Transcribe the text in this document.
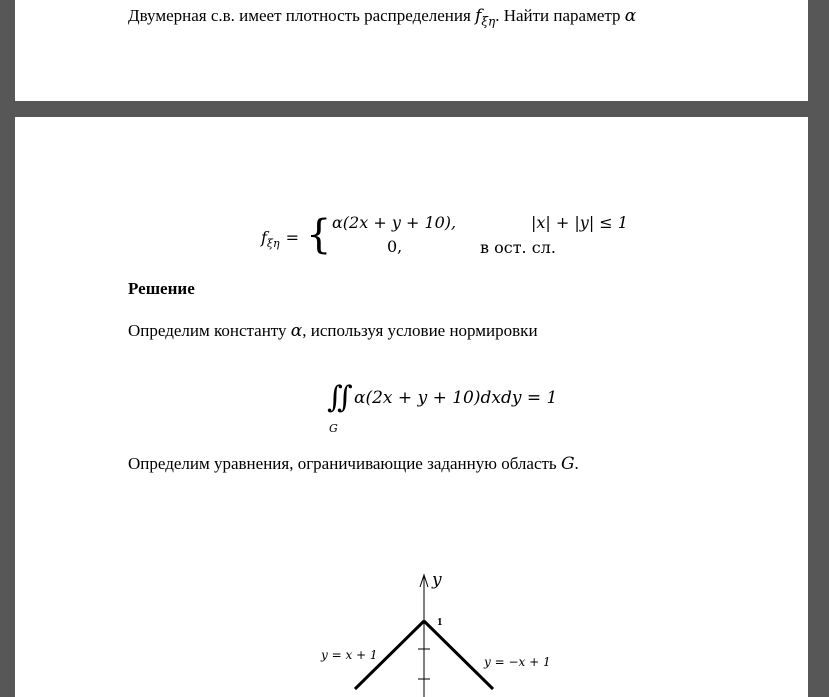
Двумерная с.в. имеет плотность распределения $f_{\xi\eta}$. Найти параметр α
$f_{\xi\eta}$ = { α(2x + y + 10),	|x| + |y| ≤ 1
0,	в ост. сл.
Решение
Определим константу α, используя условие нормировки
∬ α(2x + y + 10)dxdy = 1
G
Определим уравнения, ограничивающие заданную область G.
y
1
y = x + 1	y = −x + 1
